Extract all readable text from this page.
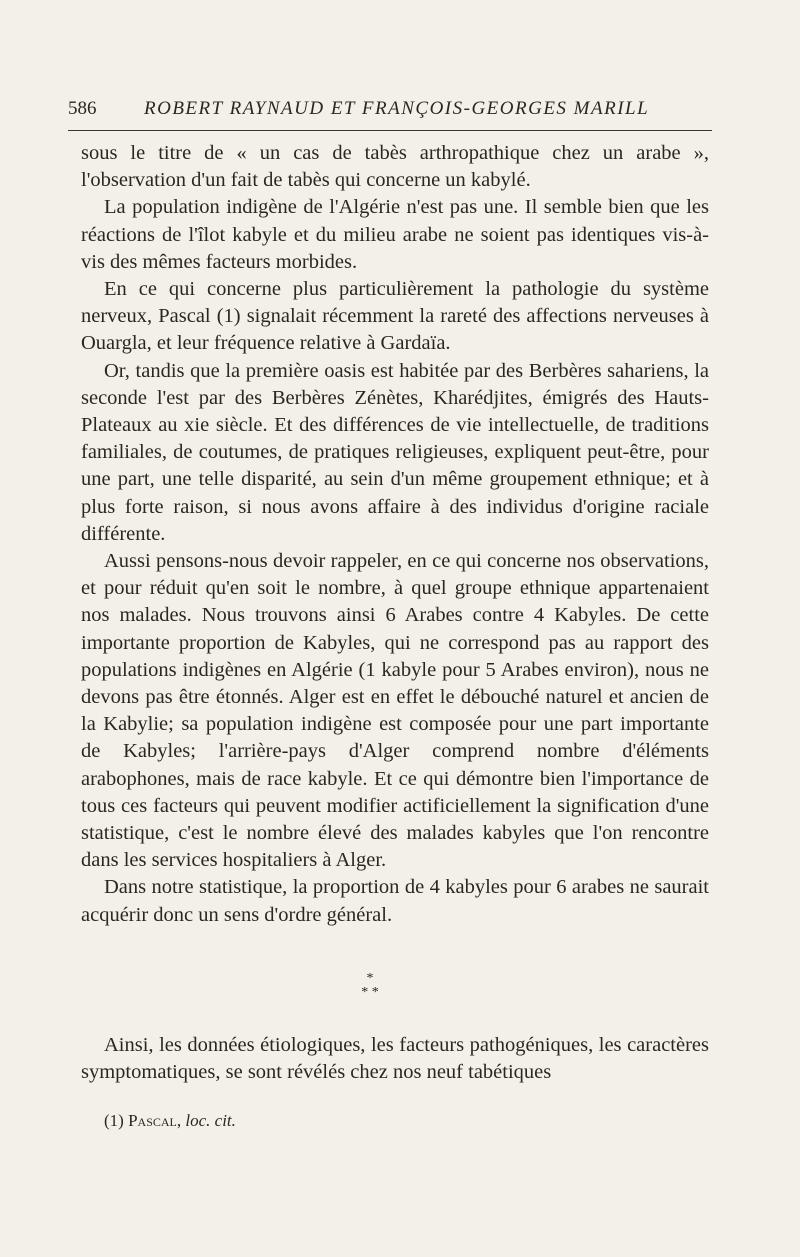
586	ROBERT RAYNAUD ET FRANÇOIS-GEORGES MARILL

sous le titre de « un cas de tabès arthropathique chez un arabe », l'observation d'un fait de tabès qui concerne un kabylé.

La population indigène de l'Algérie n'est pas une. Il semble bien que les réactions de l'îlot kabyle et du milieu arabe ne soient pas identiques vis-à-vis des mêmes facteurs morbides.

En ce qui concerne plus particulièrement la pathologie du système nerveux, Pascal (1) signalait récemment la rareté des affections nerveuses à Ouargla, et leur fréquence relative à Gardaïa.

Or, tandis que la première oasis est habitée par des Berbères sahariens, la seconde l'est par des Berbères Zénètes, Kharédjites, émigrés des Hauts-Plateaux au xie siècle. Et des différences de vie intellectuelle, de traditions familiales, de coutumes, de pratiques religieuses, expliquent peut-être, pour une part, une telle disparité, au sein d'un même groupement ethnique; et à plus forte raison, si nous avons affaire à des individus d'origine raciale différente.

Aussi pensons-nous devoir rappeler, en ce qui concerne nos observations, et pour réduit qu'en soit le nombre, à quel groupe ethnique appartenaient nos malades. Nous trouvons ainsi 6 Arabes contre 4 Kabyles. De cette importante proportion de Kabyles, qui ne correspond pas au rapport des populations indigènes en Algérie (1 kabyle pour 5 Arabes environ), nous ne devons pas être étonnés. Alger est en effet le débouché naturel et ancien de la Kabylie; sa population indigène est composée pour une part importante de Kabyles; l'arrière-pays d'Alger comprend nombre d'éléments arabophones, mais de race kabyle. Et ce qui démontre bien l'importance de tous ces facteurs qui peuvent modifier actificiellement la signification d'une statistique, c'est le nombre élevé des malades kabyles que l'on rencontre dans les services hospitaliers à Alger.

Dans notre statistique, la proportion de 4 kabyles pour 6 arabes ne saurait acquérir donc un sens d'ordre général.

*
* *

Ainsi, les données étiologiques, les facteurs pathogéniques, les caractères symptomatiques, se sont révélés chez nos neuf tabétiques

(1) Pascal, loc. cit.
